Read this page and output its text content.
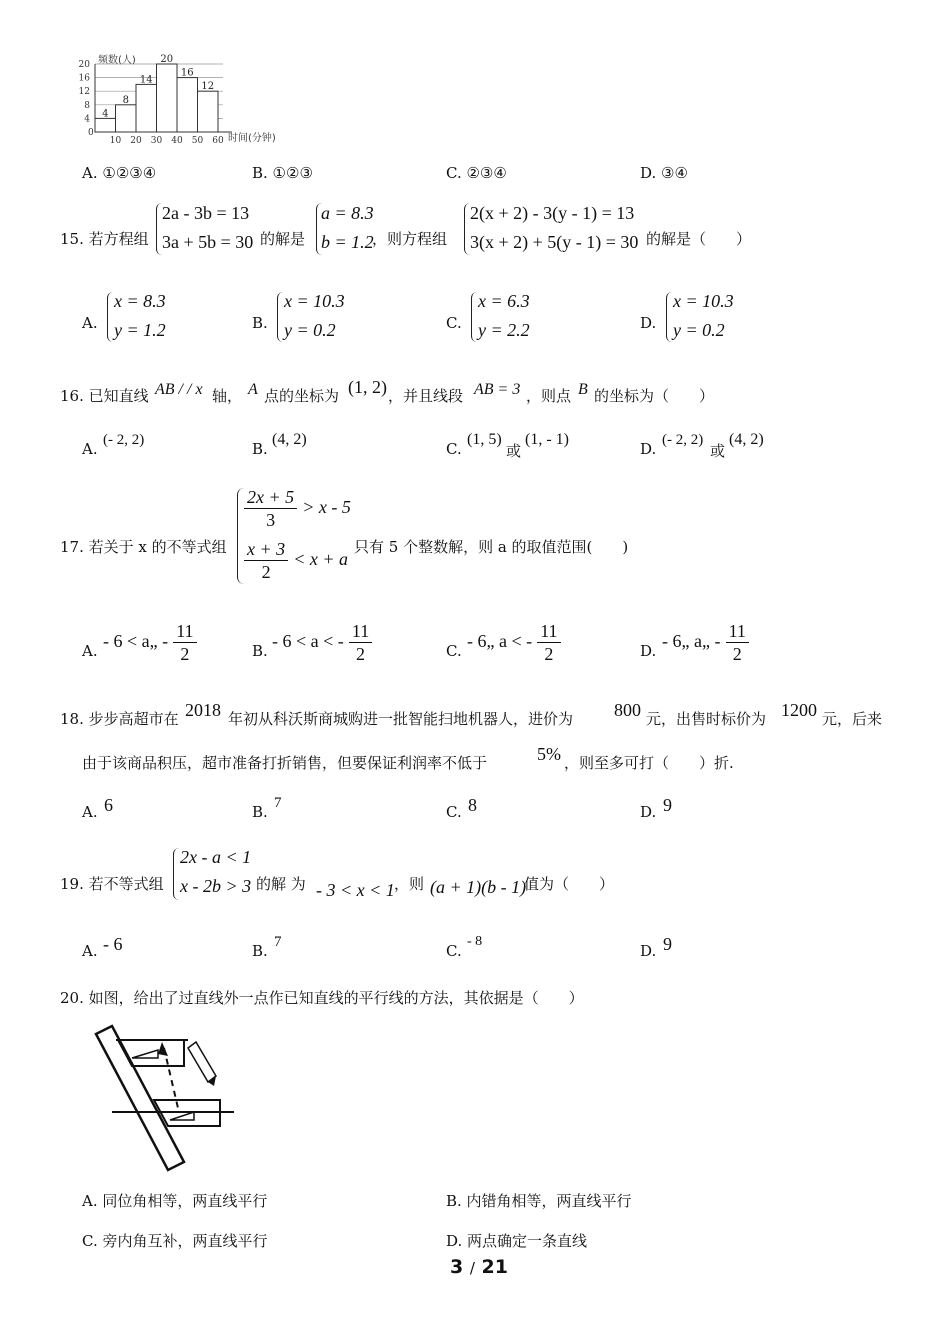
4
8
14
20
16
12
20
16
12
8
4
10 20 30 40 50 60
频数(人)
时间(分钟)
0
A. ①②③④	B. ①②③	C. ②③④	D. ③④
15. 若方程组
2a - 3b = 13
3a + 5b = 30 的解是
a = 8.3
b = 1.2
，则方程组
2(x + 2) - 3(y - 1) = 13
3(x + 2) + 5(y - 1) = 30 的解是（　　）
A.
x = 8.3
y = 1.2	B.
x = 10.3
y = 0.2	C.
x = 6.3
y = 2.2	D.
x = 10.3
y = 0.2
16. 已知直线 AB / / x 轴， A 点的坐标为 (1, 2) ，并且线段 AB = 3 ，则点 B 的坐标为（　　）
A. (- 2, 2)	B.
(4, 2)
C.
(1, 5)
或
(1, - 1)
D. (- 2, 2)
或
(4, 2)
17. 若关于 x 的不等式组
$\frac{2x + 5}{3} > x - 5$
$\frac{x + 3}{2} < x + a$
只有 5 个整数解，则 a 的取值范围(　　)
A. - 6 < a„ - $\frac{11}{2}$	B. - 6 < a < - $\frac{11}{2}$	C. - 6„ a < - $\frac{11}{2}$	D. - 6„ a„ - $\frac{11}{2}$
18. 步步高超市在 2018 年初从科沃斯商城购进一批智能扫地机器人，进价为 800 元，出售时标价为 1200 元，后来
由于该商品积压，超市准备打折销售，但要保证利润率不低于	5% ，则至多可打（　　）折.
A. 6	B. 7	C. 8	D. 9
19. 若不等式组
2x - a < 1
x - 2b > 3 的解 为 - 3 < x < 1 ，则 (a + 1)(b - 1)
值为（　　）
A. - 6	B. 7	C.
- 8
D. 9
20. 如图，给出了过直线外一点作已知直线的平行线的方法，其依据是（　　）
A. 同位角相等，两直线平行	B. 内错角相等，两直线平行
C. 旁内角互补，两直线平行	D. 两点确定一条直线
3 / 21
